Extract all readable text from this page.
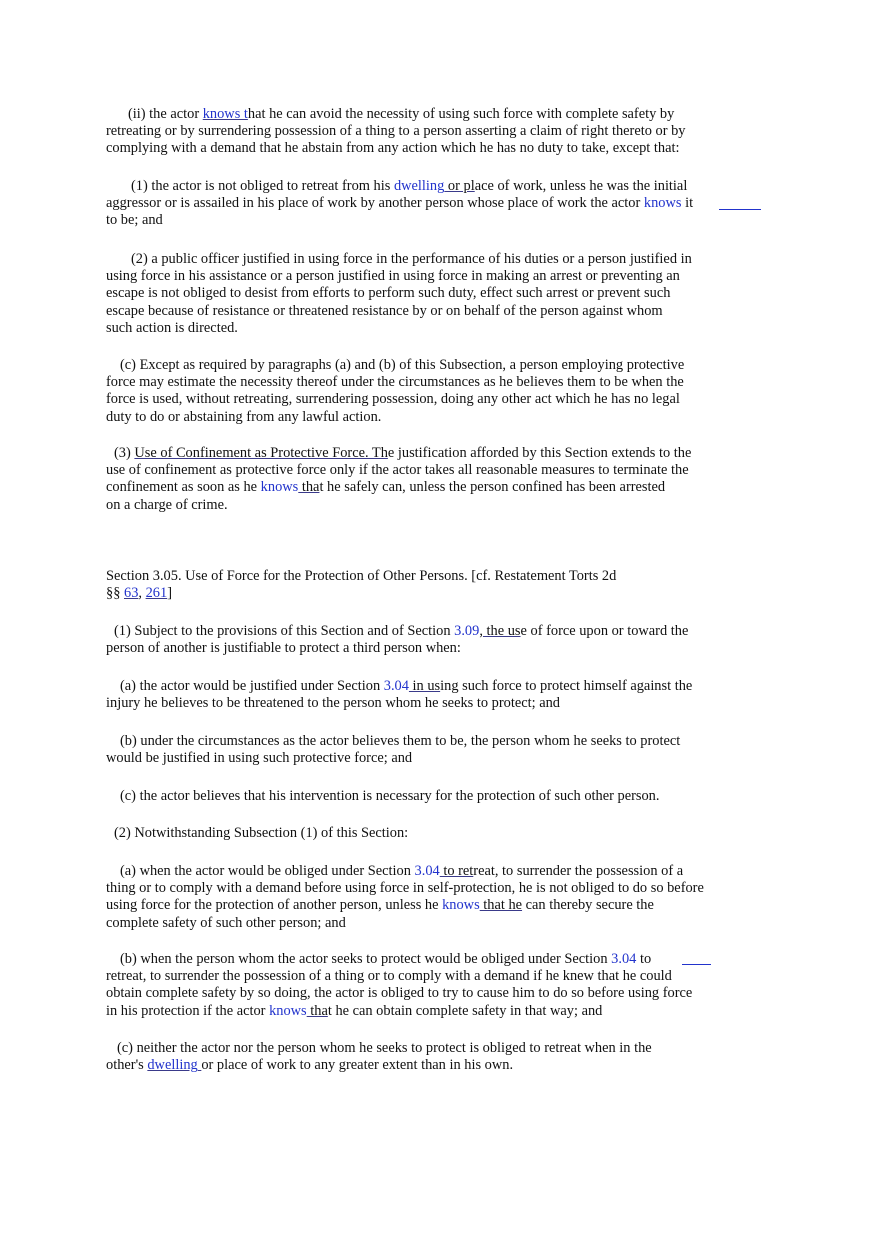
(ii) the actor knows that he can avoid the necessity of using such force with complete safety by
retreating or by surrendering possession of a thing to a person asserting a claim of right thereto or by
complying with a demand that he abstain from any action which he has no duty to take, except that:
(1) the actor is not obliged to retreat from his dwelling or place of work, unless he was the initial
aggressor or is assailed in his place of work by another person whose place of work the actor knows it
to be; and
(2) a public officer justified in using force in the performance of his duties or a person justified in
using force in his assistance or a person justified in using force in making an arrest or preventing an
escape is not obliged to desist from efforts to perform such duty, effect such arrest or prevent such
escape because of resistance or threatened resistance by or on behalf of the person against whom
such action is directed.
(c) Except as required by paragraphs (a) and (b) of this Subsection, a person employing protective
force may estimate the necessity thereof under the circumstances as he believes them to be when the
force is used, without retreating, surrendering possession, doing any other act which he has no legal
duty to do or abstaining from any lawful action.
(3) Use of Confinement as Protective Force. The justification afforded by this Section extends to the
use of confinement as protective force only if the actor takes all reasonable measures to terminate the
confinement as soon as he knows that he safely can, unless the person confined has been arrested
on a charge of crime.
Section 3.05. Use of Force for the Protection of Other Persons. [cf. Restatement Torts 2d
§§ 63, 261]
(1) Subject to the provisions of this Section and of Section 3.09, the use of force upon or toward the
person of another is justifiable to protect a third person when:
(a) the actor would be justified under Section 3.04 in using such force to protect himself against the
injury he believes to be threatened to the person whom he seeks to protect; and
(b) under the circumstances as the actor believes them to be, the person whom he seeks to protect
would be justified in using such protective force; and
(c) the actor believes that his intervention is necessary for the protection of such other person.
(2) Notwithstanding Subsection (1) of this Section:
(a) when the actor would be obliged under Section 3.04 to retreat, to surrender the possession of a
thing or to comply with a demand before using force in self-protection, he is not obliged to do so before
using force for the protection of another person, unless he knows that he can thereby secure the
complete safety of such other person; and
(b) when the person whom the actor seeks to protect would be obliged under Section 3.04 to
retreat, to surrender the possession of a thing or to comply with a demand if he knew that he could
obtain complete safety by so doing, the actor is obliged to try to cause him to do so before using force
in his protection if the actor knows that he can obtain complete safety in that way; and
(c) neither the actor nor the person whom he seeks to protect is obliged to retreat when in the
other's dwelling or place of work to any greater extent than in his own.
